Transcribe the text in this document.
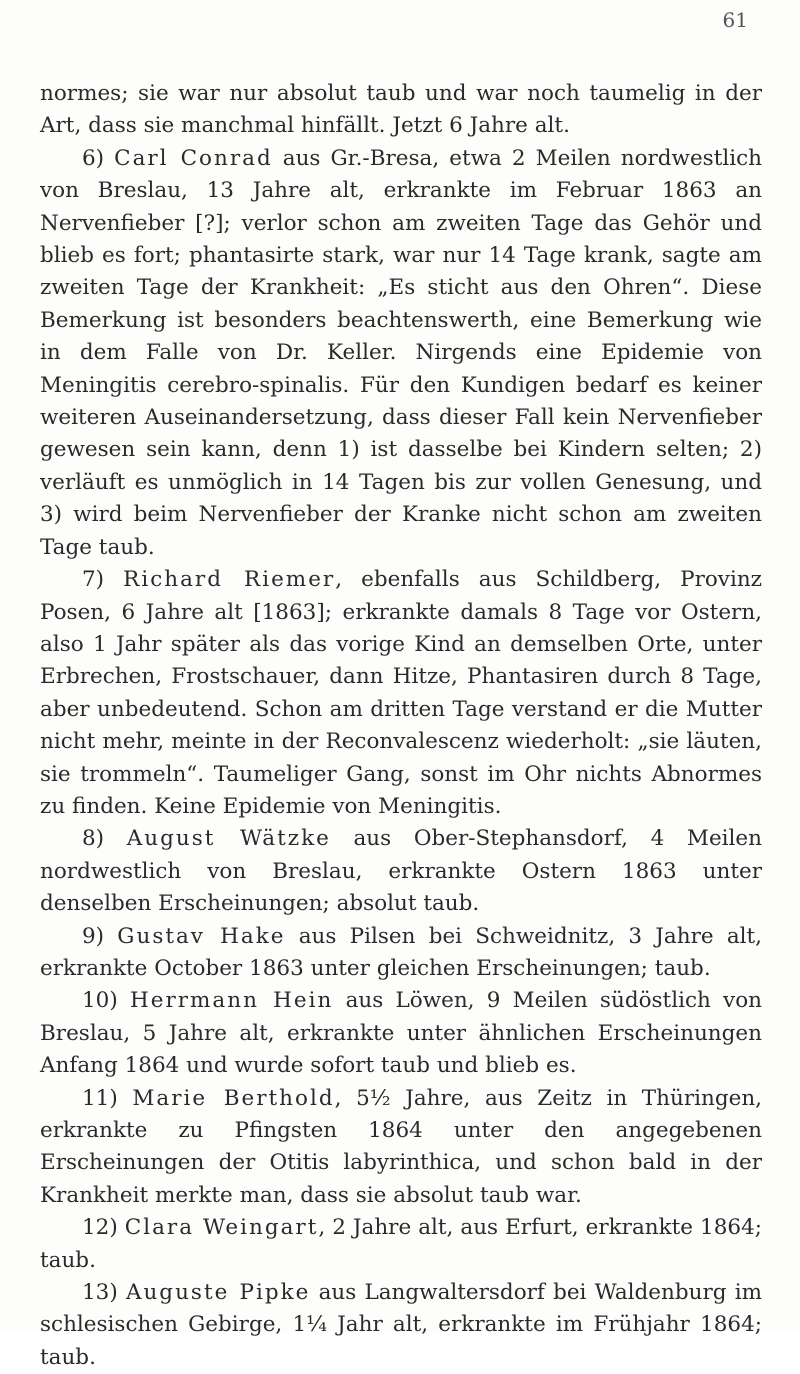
61

normes; sie war nur absolut taub und war noch taumelig in der Art, dass sie manchmal hinfällt. Jetzt 6 Jahre alt.

6) Carl Conrad aus Gr.-Bresa, etwa 2 Meilen nordwestlich von Breslau, 13 Jahre alt, erkrankte im Februar 1863 an Nervenfieber [?]; verlor schon am zweiten Tage das Gehör und blieb es fort; phantasirte stark, war nur 14 Tage krank, sagte am zweiten Tage der Krankheit: „Es sticht aus den Ohren“. Diese Bemerkung ist besonders beachtenswerth, eine Bemerkung wie in dem Falle von Dr. Keller. Nirgends eine Epidemie von Meningitis cerebro-spinalis. Für den Kundigen bedarf es keiner weiteren Auseinandersetzung, dass dieser Fall kein Nervenfieber gewesen sein kann, denn 1) ist dasselbe bei Kindern selten; 2) verläuft es unmöglich in 14 Tagen bis zur vollen Genesung, und 3) wird beim Nervenfieber der Kranke nicht schon am zweiten Tage taub.

7) Richard Riemer, ebenfalls aus Schildberg, Provinz Posen, 6 Jahre alt [1863]; erkrankte damals 8 Tage vor Ostern, also 1 Jahr später als das vorige Kind an demselben Orte, unter Erbrechen, Frostschauer, dann Hitze, Phantasiren durch 8 Tage, aber unbedeutend. Schon am dritten Tage verstand er die Mutter nicht mehr, meinte in der Reconvalescenz wiederholt: „sie läuten, sie trommeln“. Taumeliger Gang, sonst im Ohr nichts Abnormes zu finden. Keine Epidemie von Meningitis.

8) August Wätzke aus Ober-Stephansdorf, 4 Meilen nordwestlich von Breslau, erkrankte Ostern 1863 unter denselben Erscheinungen; absolut taub.

9) Gustav Hake aus Pilsen bei Schweidnitz, 3 Jahre alt, erkrankte October 1863 unter gleichen Erscheinungen; taub.

10) Herrmann Hein aus Löwen, 9 Meilen südöstlich von Breslau, 5 Jahre alt, erkrankte unter ähnlichen Erscheinungen Anfang 1864 und wurde sofort taub und blieb es.

11) Marie Berthold, 5½ Jahre, aus Zeitz in Thüringen, erkrankte zu Pfingsten 1864 unter den angegebenen Erscheinungen der Otitis labyrinthica, und schon bald in der Krankheit merkte man, dass sie absolut taub war.

12) Clara Weingart, 2 Jahre alt, aus Erfurt, erkrankte 1864; taub.

13) Auguste Pipke aus Langwaltersdorf bei Waldenburg im schlesischen Gebirge, 1¼ Jahr alt, erkrankte im Frühjahr 1864; taub.
